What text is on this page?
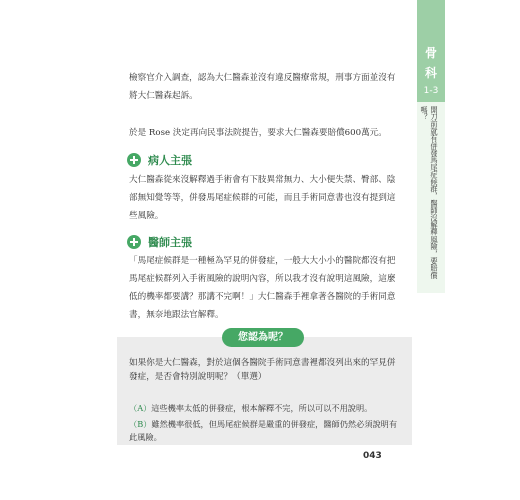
骨
科
1-3
開刀前就有併發馬尾症候群，醫師沒解釋風險，要賠償嗎？

檢察官介入調查，認為大仁醫森並沒有違反醫療常規，刑事方面並沒有將大仁醫森起訴。

於是 Rose 決定再向民事法院提告，要求大仁醫森要賠償600萬元。

病人主張

大仁醫森從來沒解釋過手術會有下肢異常無力、大小便失禁、臀部、陰部無知覺等等，併發馬尾症候群的可能，而且手術同意書也沒有提到這些風險。

醫師主張

「馬尾症候群是一種極為罕見的併發症，一般大大小小的醫院都沒有把馬尾症候群列入手術風險的說明內容，所以我才沒有說明這風險，這麼低的機率都要講？那講不完啊！」大仁醫森手裡拿著各醫院的手術同意書，無奈地跟法官解釋。

您認為呢？

如果你是大仁醫森，對於這個各醫院手術同意書裡都沒列出來的罕見併發症，是否會特別說明呢？（單選）

（A）這些機率太低的併發症，根本解釋不完，所以可以不用說明。

（B）雖然機率很低，但馬尾症候群是嚴重的併發症，醫師仍然必須說明有此風險。

043
